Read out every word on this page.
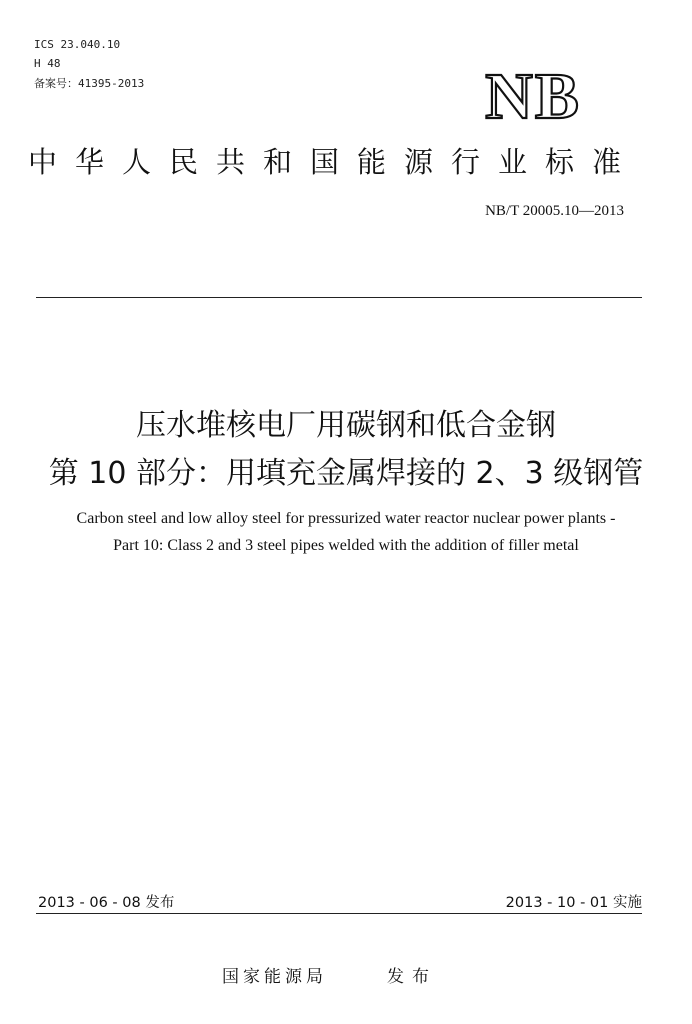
ICS 23.040.10
H 48
备案号：41395-2013	NB
中华人民共和国能源行业标准
NB/T 20005.10—2013
压水堆核电厂用碳钢和低合金钢
第 10 部分：用填充金属焊接的 2、3 级钢管
Carbon steel and low alloy steel for pressurized water reactor nuclear power plants -
Part 10: Class 2 and 3 steel pipes welded with the addition of filler metal
2013 - 06 - 08 发布	2013 - 10 - 01 实施
国家能源局	发布
